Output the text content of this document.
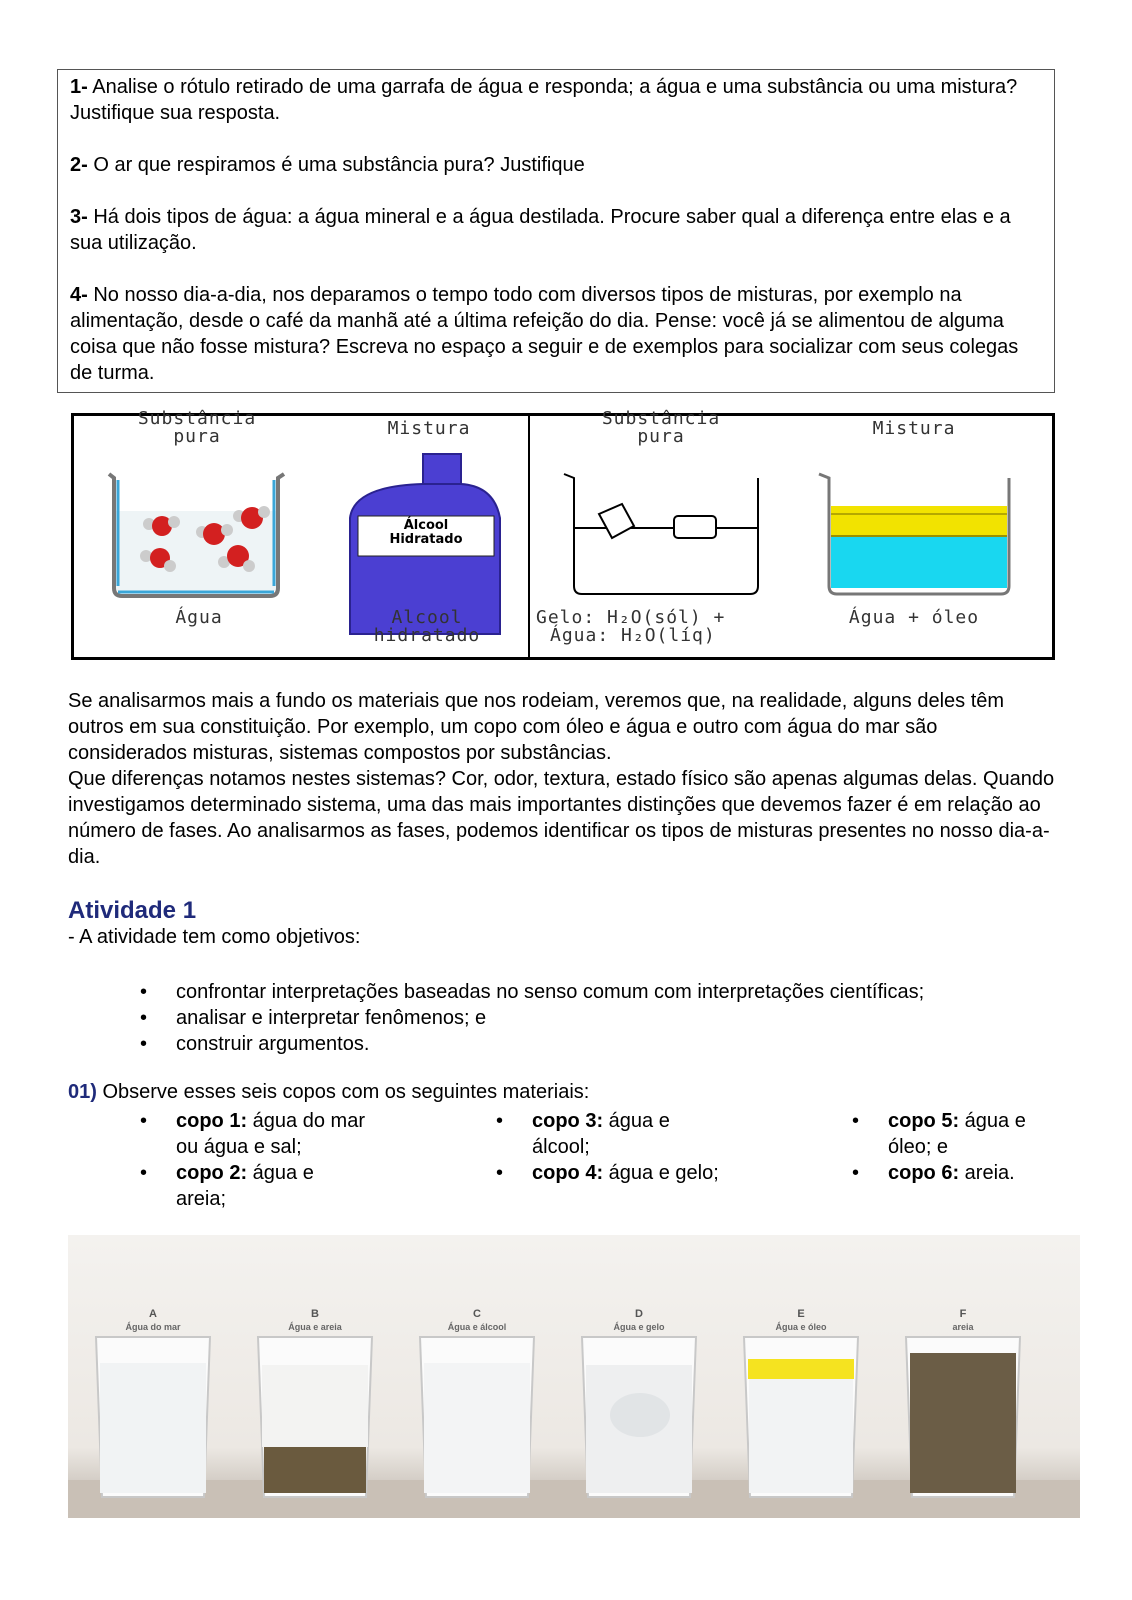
1- Analise o rótulo retirado de uma garrafa de água e responda; a água e uma substância ou uma mistura? Justifique sua resposta.

2- O ar que respiramos é uma substância pura? Justifique

3- Há dois tipos de água: a água mineral e a água destilada. Procure saber qual a diferença entre elas e a sua utilização.

4- No nosso dia-a-dia, nos deparamos o tempo todo com diversos tipos de misturas, por exemplo na alimentação, desde o café da manhã até a última refeição do dia. Pense: você já se alimentou de alguma coisa que não fosse mistura? Escreva no espaço a seguir e de exemplos para socializar com seus colegas de turma.

Substância
pura
Água
Mistura
Álcool
Hidratado
Alcool
hidratado
Substância
pura
Gelo: H₂O(sól) +
Água: H₂O(líq)
Mistura
Água + óleo

Se analisarmos mais a fundo os materiais que nos rodeiam, veremos que, na realidade, alguns deles têm outros em sua constituição. Por exemplo, um copo com óleo e água e outro com água do mar são considerados misturas, sistemas compostos por substâncias.

Que diferenças notamos nestes sistemas? Cor, odor, textura, estado físico são apenas algumas delas. Quando investigamos determinado sistema, uma das mais importantes distinções que devemos fazer é em relação ao número de fases. Ao analisarmos as fases, podemos identificar os tipos de misturas presentes no nosso dia-a-dia.

Atividade 1
- A atividade tem como objetivos:
• confrontar interpretações baseadas no senso comum com interpretações científicas;
• analisar e interpretar fenômenos; e
• construir argumentos.
01) Observe esses seis copos com os seguintes materiais:
• copo 1: água do mar ou água e sal;
• copo 2: água e areia;
• copo 3: água e álcool;
• copo 4: água e gelo;
• copo 5: água e óleo; e
• copo 6: areia.
A
Água do mar
B
Água e areia
C
Água e álcool
D
Água e gelo
E
Água e óleo
F
areia
